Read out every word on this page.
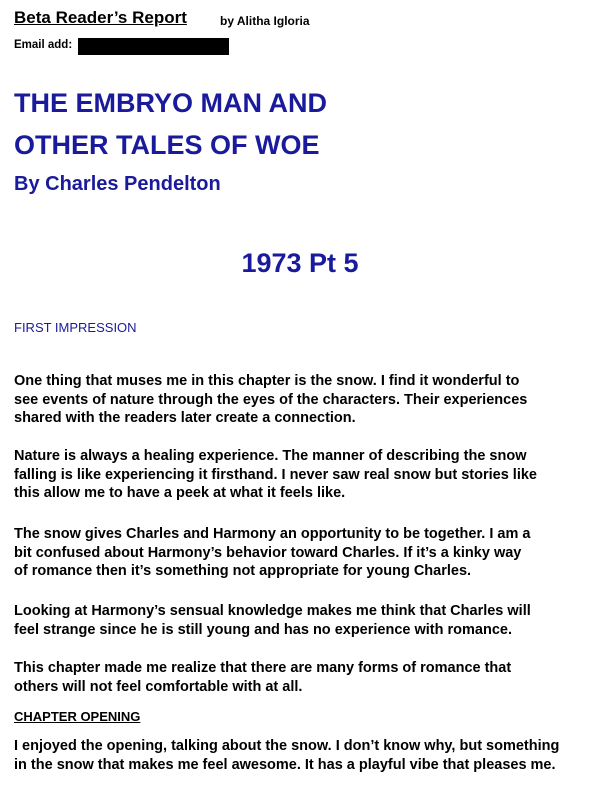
Beta Reader’s Report	by Alitha Igloria
Email add:
THE EMBRYO MAN AND
OTHER TALES OF WOE
By Charles Pendelton
1973 Pt 5
FIRST IMPRESSION
One thing that muses me in this chapter is the snow. I find it wonderful to
see events of nature through the eyes of the characters. Their experiences
shared with the readers later create a connection.
Nature is always a healing experience. The manner of describing the snow
falling is like experiencing it firsthand. I never saw real snow but stories like
this allow me to have a peek at what it feels like.
The snow gives Charles and Harmony an opportunity to be together. I am a
bit confused about Harmony’s behavior toward Charles. If it’s a kinky way
of romance then it’s something not appropriate for young Charles.
Looking at Harmony’s sensual knowledge makes me think that Charles will
feel strange since he is still young and has no experience with romance.
This chapter made me realize that there are many forms of romance that
others will not feel comfortable with at all.
CHAPTER OPENING
I enjoyed the opening, talking about the snow. I don’t know why, but something
in the snow that makes me feel awesome. It has a playful vibe that pleases me.
